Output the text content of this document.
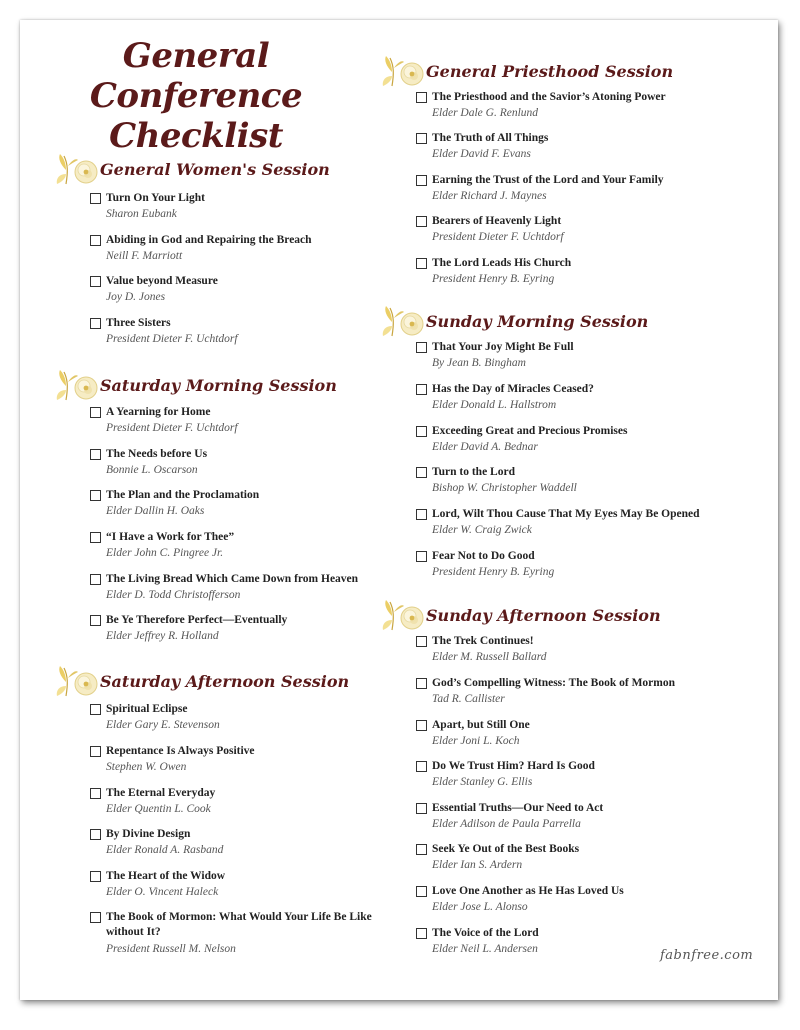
General Conference
Checklist
General Women's Session
Turn On Your Light
Sharon Eubank
Abiding in God and Repairing the Breach
Neill F. Marriott
Value beyond Measure
Joy D. Jones
Three Sisters
President Dieter F. Uchtdorf
Saturday Morning Session
A Yearning for Home
President Dieter F. Uchtdorf
The Needs before Us
Bonnie L. Oscarson
The Plan and the Proclamation
Elder Dallin H. Oaks
“I Have a Work for Thee”
Elder John C. Pingree Jr.
The Living Bread Which Came Down from Heaven
Elder D. Todd Christofferson
Be Ye Therefore Perfect—Eventually
Elder Jeffrey R. Holland
Saturday Afternoon Session
Spiritual Eclipse
Elder Gary E. Stevenson
Repentance Is Always Positive
Stephen W. Owen
The Eternal Everyday
Elder Quentin L. Cook
By Divine Design
Elder Ronald A. Rasband
The Heart of the Widow
Elder O. Vincent Haleck
The Book of Mormon: What Would Your Life Be Like without It?
President Russell M. Nelson
General Priesthood Session
The Priesthood and the Savior’s Atoning Power
Elder Dale G. Renlund
The Truth of All Things
Elder David F. Evans
Earning the Trust of the Lord and Your Family
Elder Richard J. Maynes
Bearers of Heavenly Light
President Dieter F. Uchtdorf
The Lord Leads His Church
President Henry B. Eyring
Sunday Morning Session
That Your Joy Might Be Full
By Jean B. Bingham
Has the Day of Miracles Ceased?
Elder Donald L. Hallstrom
Exceeding Great and Precious Promises
Elder David A. Bednar
Turn to the Lord
Bishop W. Christopher Waddell
Lord, Wilt Thou Cause That My Eyes May Be Opened
Elder W. Craig Zwick
Fear Not to Do Good
President Henry B. Eyring
Sunday Afternoon Session
The Trek Continues!
Elder M. Russell Ballard
God’s Compelling Witness: The Book of Mormon
Tad R. Callister
Apart, but Still One
Elder Joni L. Koch
Do We Trust Him? Hard Is Good
Elder Stanley G. Ellis
Essential Truths—Our Need to Act
Elder Adilson de Paula Parrella
Seek Ye Out of the Best Books
Elder Ian S. Ardern
Love One Another as He Has Loved Us
Elder Jose L. Alonso
The Voice of the Lord
Elder Neil L. Andersen	fabnfree.com
